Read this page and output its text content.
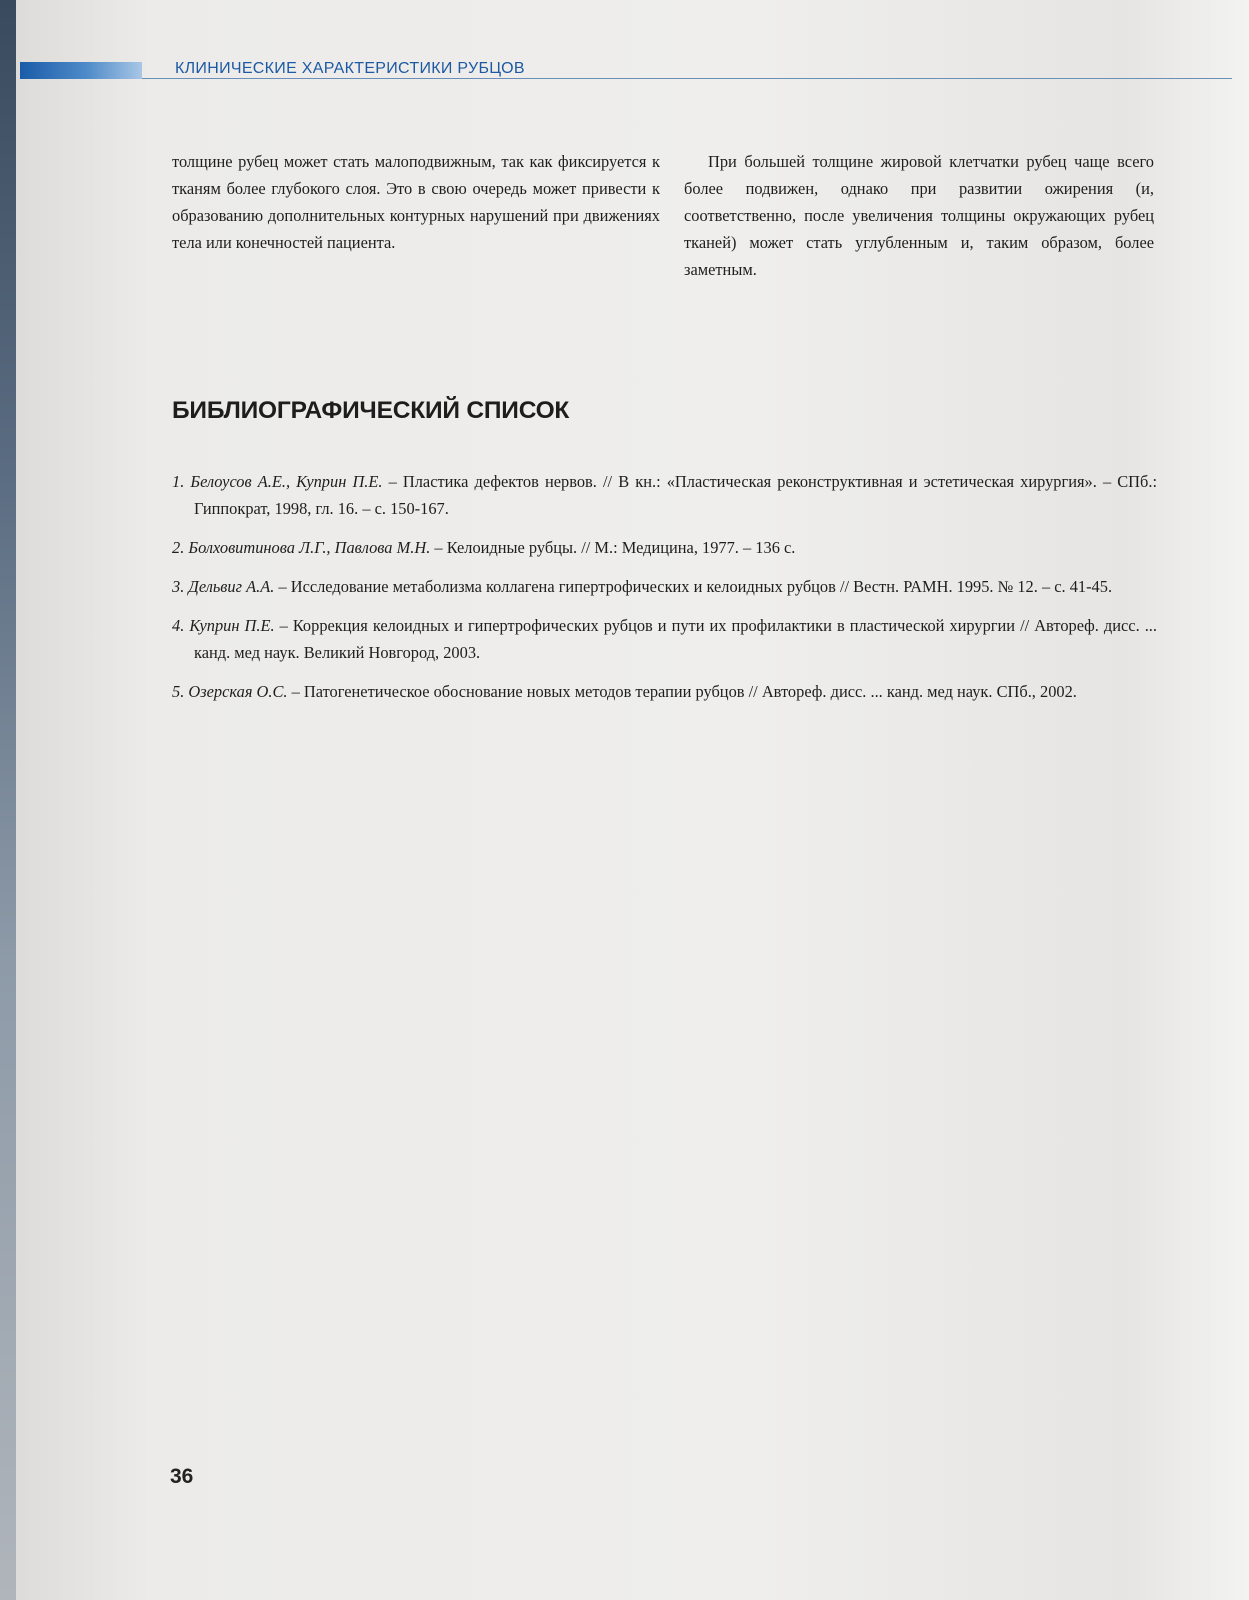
КЛИНИЧЕСКИЕ ХАРАКТЕРИСТИКИ РУБЦОВ

толщине рубец может стать малоподвижным, так как фиксируется к тканям более глубокого слоя. Это в свою очередь может привести к образованию дополнительных контурных нарушений при движениях тела или конечностей пациента.

При большей толщине жировой клетчатки рубец чаще всего более подвижен, однако при развитии ожирения (и, соответственно, после увеличения толщины окружающих рубец тканей) может стать углубленным и, таким образом, более заметным.

БИБЛИОГРАФИЧЕСКИЙ СПИСОК
1. Белоусов А.Е., Куприн П.Е. – Пластика дефектов нервов. // В кн.: «Пластическая реконструктивная и эстетическая хирургия». – СПб.: Гиппократ, 1998, гл. 16. – с. 150-167.
2. Болховитинова Л.Г., Павлова М.Н. – Келоидные рубцы. // М.: Медицина, 1977. – 136 с.
3. Дельвиг А.А. – Исследование метаболизма коллагена гипертрофических и келоидных рубцов // Вестн. РАМН. 1995. № 12. – с. 41-45.
4. Куприн П.Е. – Коррекция келоидных и гипертрофических рубцов и пути их профилактики в пластической хирургии // Автореф. дисс. ... канд. мед наук. Великий Новгород, 2003.
5. Озерская О.С. – Патогенетическое обоснование новых методов терапии рубцов // Автореф. дисс. ... канд. мед наук. СПб., 2002.
36
